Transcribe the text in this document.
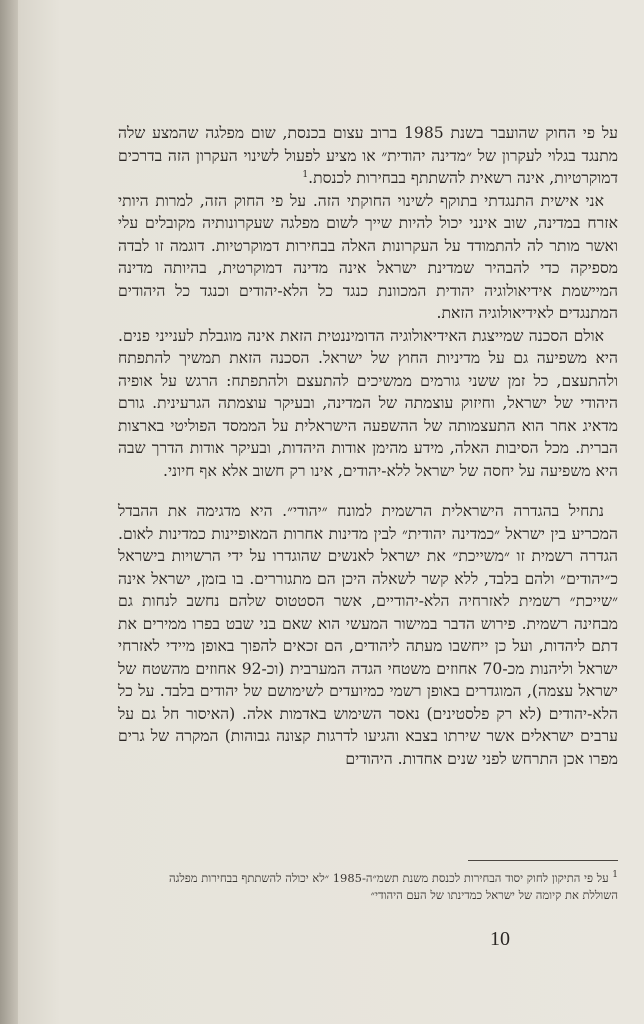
על פי החוק שהועבר בשנת 1985 ברוב עצום בכנסת, שום מפלגה שהמצע שלה מתנגד בגלוי לעקרון של ״מדינה יהודית״ או מציע לפעול לשינוי העקרון הזה בדרכים דמוקרטיות, אינה רשאית להשתתף בבחירות לכנסת.$^1$

אני אישית התנגדתי בתוקף לשינוי החוקתי הזה. על פי החוק הזה, למרות היותי אזרח במדינה, שוב אינני יכול להיות שייך לשום מפלגה שעקרונותיה מקובלים עלי ואשר מותר לה להתמודד על העקרונות האלה בבחירות דמוקרטיות. דוגמה זו לבדה מספיקה כדי להבהיר שמדינת ישראל אינה מדינה דמוקרטית, בהיותה מדינה המיישמת אידיאולוגיה יהודית המכוונת כנגד כל הלא-יהודים וכנגד כל היהודים המתנגדים לאידיאולוגיה הזאת.

אולם הסכנה שמייצגת האידיאולוגיה הדומיננטית הזאת אינה מוגבלת לענייני פנים. היא משפיעה גם על מדיניות החוץ של ישראל. הסכנה הזאת תמשיך להתפתח ולהתעצם, כל זמן ששני גורמים ממשיכים להתעצם ולהתפתח: הרגש על אופיה היהודי של ישראל, וחיזוק עוצמתה של המדינה, ובעיקר עוצמתה הגרעינית. גורם מדאיג אחר הוא התעצמותה של ההשפעה הישראלית על הממסד הפוליטי בארצות הברית. מכל הסיבות האלה, מידע מהימן אודות היהדות, ובעיקר אודות הדרך שבה היא משפיעה על יחסה של ישראל ללא-יהודים, אינו רק חשוב אלא אף חיוני.

נתחיל בהגדרה הישראלית הרשמית למונח ״יהודי״. היא מדגימה את ההבדל המכריע בין ישראל ״כמדינה יהודית״ לבין מדינות אחרות המאופיינות כמדינות לאום. הגדרה רשמית זו ״משייכת״ את ישראל לאנשים שהוגדרו על ידי הרשויות בישראל כ״יהודים״ ולהם בלבד, ללא קשר לשאלה היכן הם מתגוררים. בו בזמן, ישראל אינה ״שייכת״ רשמית לאזרחיה הלא-יהודיים, אשר הסטטוס שלהם נחשב לנחות גם מבחינה רשמית. פירוש הדבר במישור המעשי הוא שאם בני שבט בפרו ממירים את דתם ליהדות, ועל כן ייחשבו מעתה ליהודים, הם זכאים להפוך באופן מיידי לאזרחי ישראל וליהנות מכ-70 אחוזים משטחי הגדה המערבית (וכ-92 אחוזים מהשטח של ישראל עצמה), המוגדרים באופן רשמי כמיועדים לשימושם של יהודים בלבד. על כל הלא-יהודים (לא רק פלסטינים) נאסר השימוש באדמות אלה. (האיסור חל גם על ערבים ישראלים אשר שירתו בצבא והגיעו לדרגות קצונה גבוהות) המקרה של גרים מפרו אכן התרחש לפני שנים אחדות. היהודים

$^1$ על פי התיקון לחוק יסוד הבחירות לכנסת משנת תשמ״ה-1985 ״לא יכולה להשתתף בבחירות מפלגה השוללת את קיומה של ישראל כמדינתו של העם היהודי״
10
